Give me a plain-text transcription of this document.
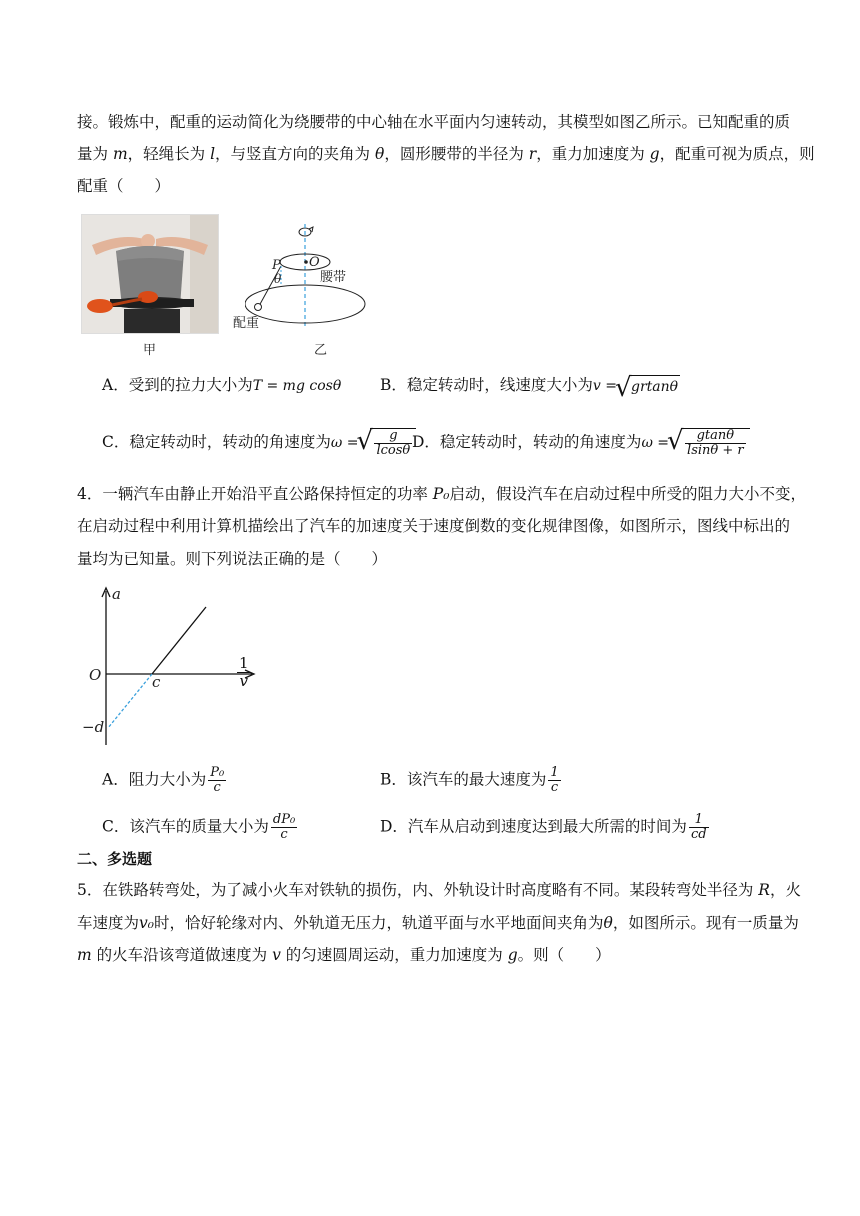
接。锻炼中，配重的运动简化为绕腰带的中心轴在水平面内匀速转动，其模型如图乙所示。已知配重的质
量为 m，轻绳长为 l，与竖直方向的夹角为 θ，圆形腰带的半径为 r，重力加速度为 g，配重可视为质点，则
配重（　　）
甲
P O
θ	腰带
配重
乙
A．受到的拉力大小为T = mg cosθ	B．稳定转动时，线速度大小为v = √ grtanθ
C．稳定转动时，转动的角速度为ω = √ $\frac{g}{lcos\theta}$ D．稳定转动时，转动的角速度为ω = √ $\frac{gtan\theta}{lsin\theta + r}$
4．一辆汽车由静止开始沿平直公路保持恒定的功率 P₀启动，假设汽车在启动过程中所受的阻力大小不变，
在启动过程中利用计算机描绘出了汽车的加速度关于速度倒数的变化规律图像，如图所示，图线中标出的
量均为已知量。则下列说法正确的是（　　）
a
O	c
−d
$\frac{1}{v}$
A．阻力大小为 $\frac{\text{P₀}}{c}$	B．该汽车的最大速度为 $\frac{1}{c}$
C．该汽车的质量大小为 $\frac{\text{dP₀}}{c}$	D．汽车从启动到速度达到最大所需的时间为 $\frac{1}{cd}$
二、多选题
5．在铁路转弯处，为了减小火车对铁轨的损伤，内、外轨设计时高度略有不同。某段转弯处半径为 R，火
车速度为v₀时，恰好轮缘对内、外轨道无压力，轨道平面与水平地面间夹角为θ，如图所示。现有一质量为
m 的火车沿该弯道做速度为 v 的匀速圆周运动，重力加速度为 g。则（　　）
